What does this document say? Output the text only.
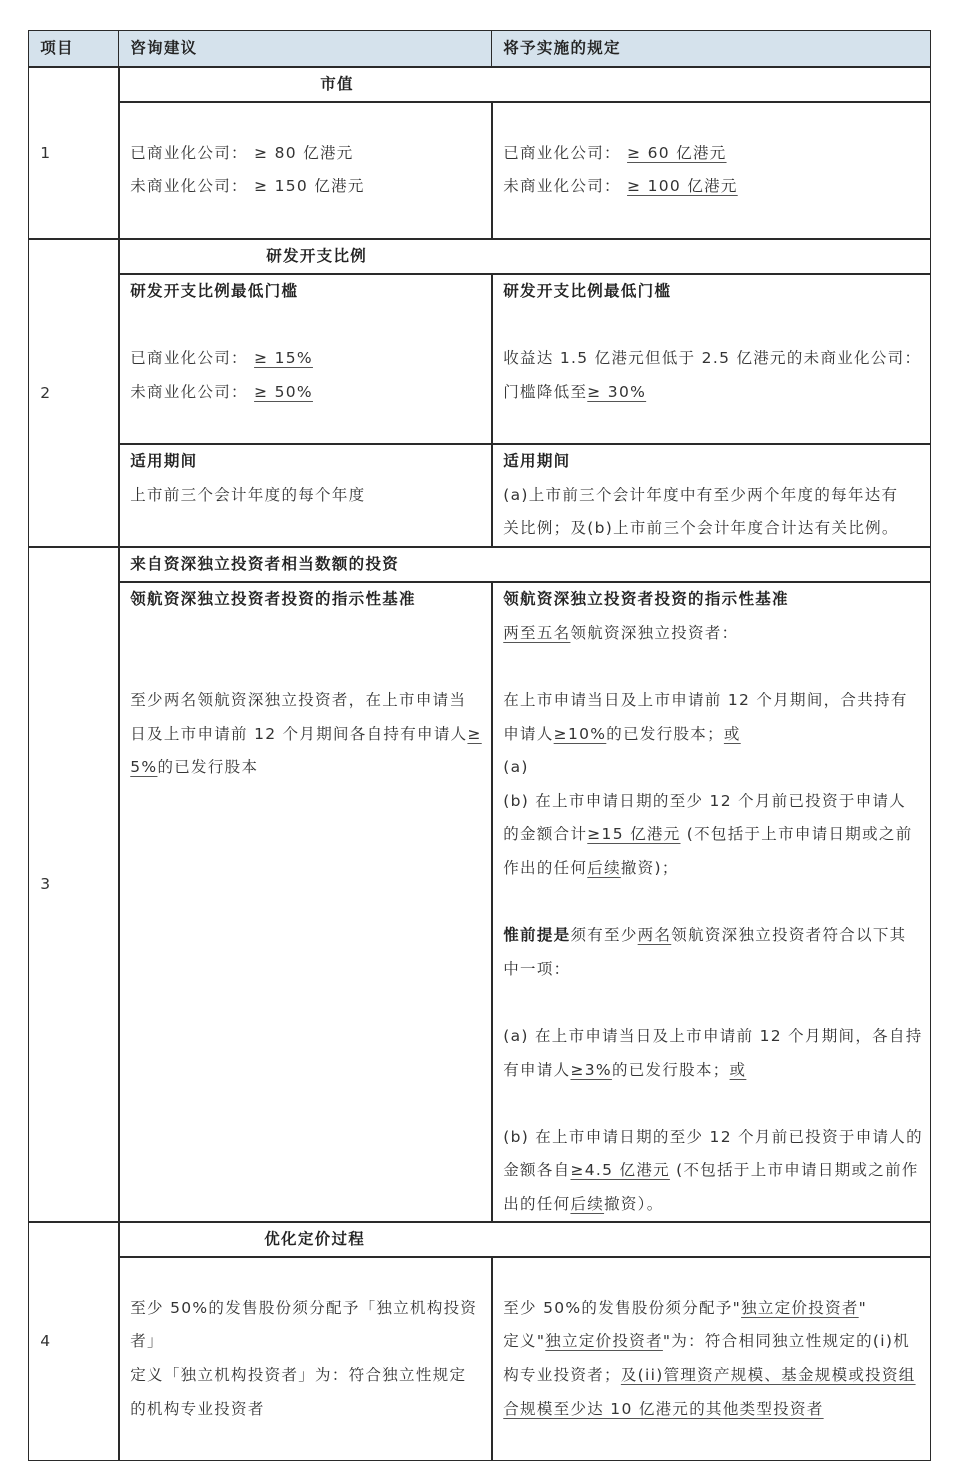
项目	咨询建议	将予实施的规定
1
市值
已商业化公司： ≥ 80 亿港元
未商业化公司： ≥ 150 亿港元
已商业化公司： ≥ 60 亿港元
未商业化公司： ≥ 100 亿港元
2
研发开支比例
研发开支比例最低门槛
已商业化公司： ≥ 15%
未商业化公司： ≥ 50%
研发开支比例最低门槛
收益达 1.5 亿港元但低于 2.5 亿港元的未商业化公司：
门槛降低至≥ 30%
适用期间
上市前三个会计年度的每个年度
适用期间
(a)上市前三个会计年度中有至少两个年度的每年达有
关比例；及(b)上市前三个会计年度合计达有关比例。
3
来自资深独立投资者相当数额的投资
领航资深独立投资者投资的指示性基准
至少两名领航资深独立投资者，在上市申请当
日及上市申请前 12 个月期间各自持有申请人≥
5%的已发行股本
领航资深独立投资者投资的指示性基准
两至五名领航资深独立投资者：
在上市申请当日及上市申请前 12 个月期间，合共持有
申请人≥10%的已发行股本；或
(a)
(b) 在上市申请日期的至少 12 个月前已投资于申请人
的金额合计≥15 亿港元 (不包括于上市申请日期或之前
作出的任何后续撤资)；
惟前提是须有至少两名领航资深独立投资者符合以下其
中一项：
(a) 在上市申请当日及上市申请前 12 个月期间，各自持
有申请人≥3%的已发行股本；或
(b) 在上市申请日期的至少 12 个月前已投资于申请人的
金额各自≥4.5 亿港元 (不包括于上市申请日期或之前作
出的任何后续撤资）。
4
优化定价过程
至少 50%的发售股份须分配予「独立机构投资
者」
定义「独立机构投资者」为：符合独立性规定
的机构专业投资者
至少 50%的发售股份须分配予"独立定价投资者"
定义"独立定价投资者"为：符合相同独立性规定的(i)机
构专业投资者；及(ii)管理资产规模、基金规模或投资组
合规模至少达 10 亿港元的其他类型投资者
